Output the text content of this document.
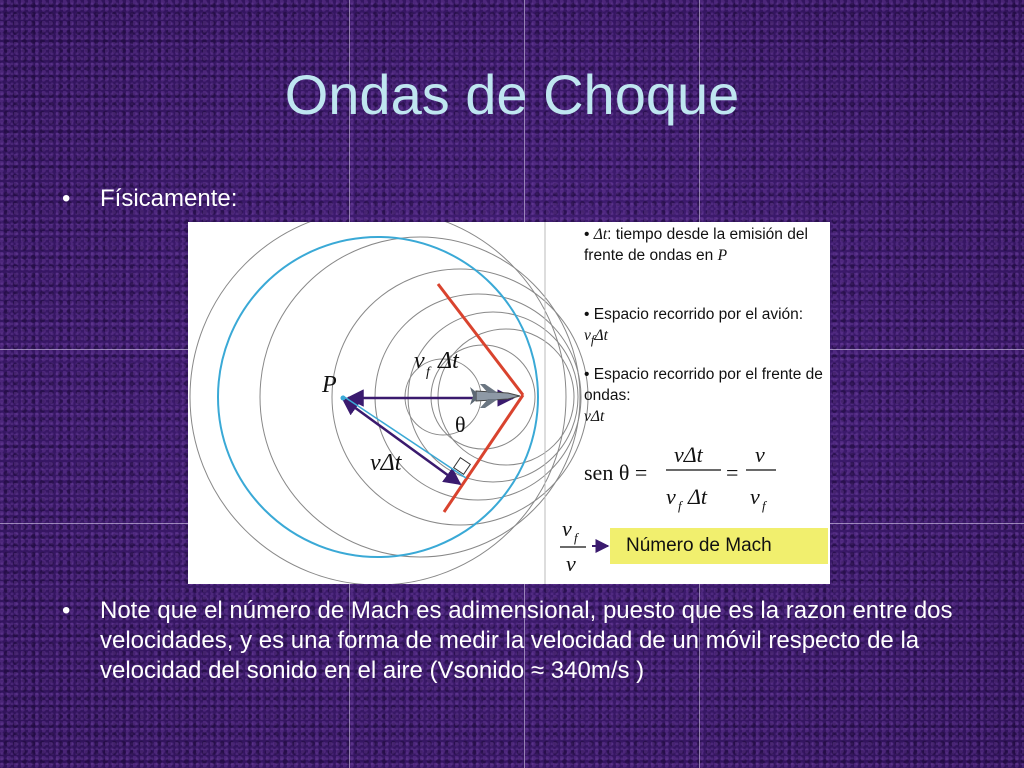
Ondas de Choque
• Físicamente:
P
v f Δt
vΔt
θ
sen θ =
vΔt
v f Δt
=
v
v f
v f
v
• Δt: tiempo desde la emisión del frente de ondas en P
• Espacio recorrido por el avión: $v_f\Delta t$
• Espacio recorrido por el frente de ondas:
vΔt
Número de Mach
• Note que el número de Mach es adimensional, puesto que es la razon entre dos velocidades, y es una forma de medir la velocidad de un móvil respecto de la velocidad del sonido en el aire (Vsonido ≈ 340m/s )
